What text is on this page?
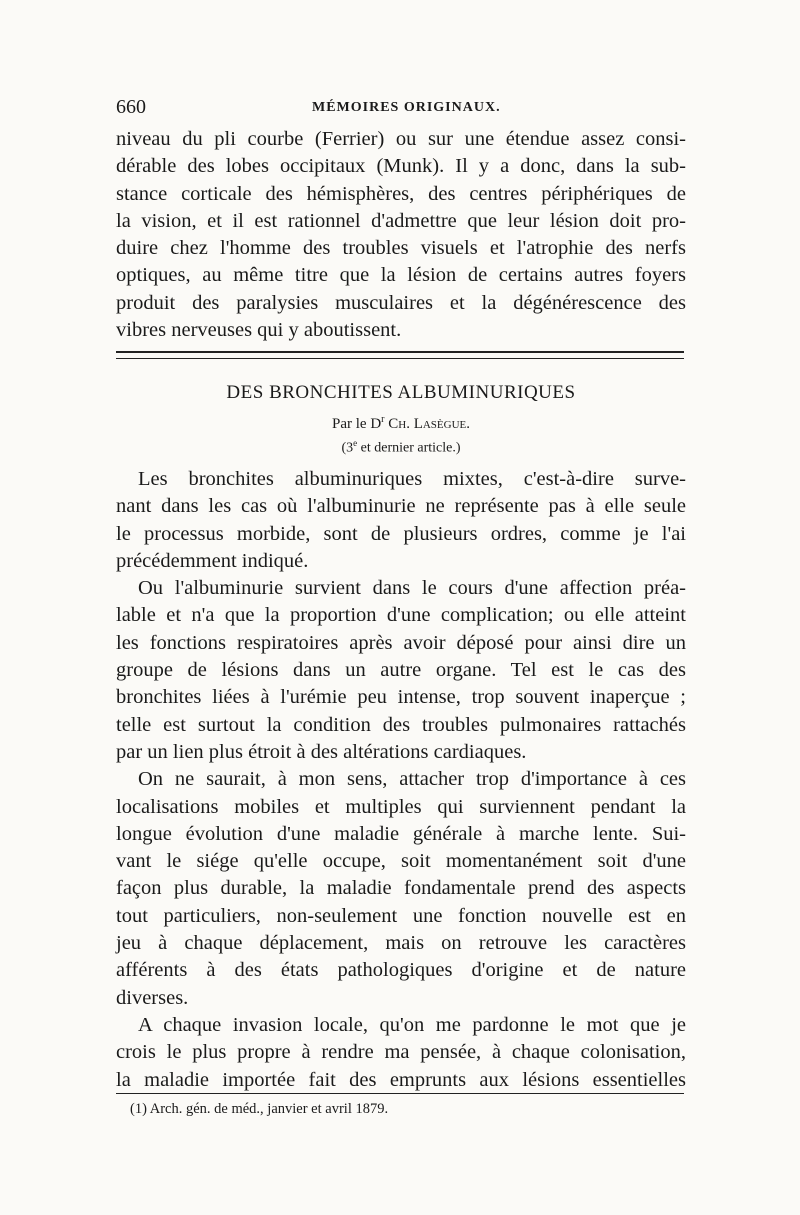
660	MÉMOIRES ORIGINAUX.

niveau du pli courbe (Ferrier) ou sur une étendue assez consi-
dérable des lobes occipitaux (Munk). Il y a donc, dans la sub-
stance corticale des hémisphères, des centres périphériques de
la vision, et il est rationnel d'admettre que leur lésion doit pro-
duire chez l'homme des troubles visuels et l'atrophie des nerfs
optiques, au même titre que la lésion de certains autres foyers
produit des paralysies musculaires et la dégénérescence des
vibres nerveuses qui y aboutissent.

DES BRONCHITES ALBUMINURIQUES
Par le $D^r$ Ch. Lasègue.
(3e et dernier article.)

Les bronchites albuminuriques mixtes, c'est-à-dire surve-
nant dans les cas où l'albuminurie ne représente pas à elle seule
le processus morbide, sont de plusieurs ordres, comme je l'ai
précédemment indiqué.

Ou l'albuminurie survient dans le cours d'une affection préa-
lable et n'a que la proportion d'une complication; ou elle atteint
les fonctions respiratoires après avoir déposé pour ainsi dire un
groupe de lésions dans un autre organe. Tel est le cas des
bronchites liées à l'urémie peu intense, trop souvent inaperçue ;
telle est surtout la condition des troubles pulmonaires rattachés
par un lien plus étroit à des altérations cardiaques.

On ne saurait, à mon sens, attacher trop d'importance à ces
localisations mobiles et multiples qui surviennent pendant la
longue évolution d'une maladie générale à marche lente. Sui-
vant le siége qu'elle occupe, soit momentanément soit d'une
façon plus durable, la maladie fondamentale prend des aspects
tout particuliers, non-seulement une fonction nouvelle est en
jeu à chaque déplacement, mais on retrouve les caractères
afférents à des états pathologiques d'origine et de nature
diverses.

A chaque invasion locale, qu'on me pardonne le mot que je
crois le plus propre à rendre ma pensée, à chaque colonisation,
la maladie importée fait des emprunts aux lésions essentielles

(1) Arch. gén. de méd., janvier et avril 1879.
